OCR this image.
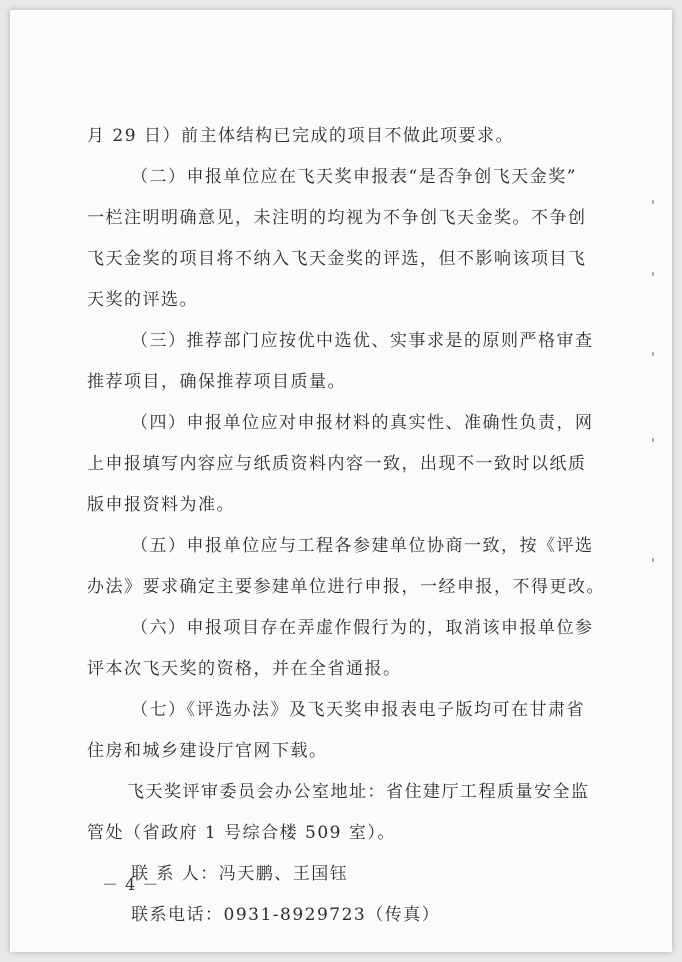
月 29 日）前主体结构已完成的项目不做此项要求。
（二）申报单位应在飞天奖申报表“是否争创飞天金奖”
一栏注明明确意见，未注明的均视为不争创飞天金奖。不争创
飞天金奖的项目将不纳入飞天金奖的评选，但不影响该项目飞
天奖的评选。
（三）推荐部门应按优中选优、实事求是的原则严格审查
推荐项目，确保推荐项目质量。
（四）申报单位应对申报材料的真实性、准确性负责，网
上申报填写内容应与纸质资料内容一致，出现不一致时以纸质
版申报资料为准。
（五）申报单位应与工程各参建单位协商一致，按《评选
办法》要求确定主要参建单位进行申报，一经申报，不得更改。
（六）申报项目存在弄虚作假行为的，取消该申报单位参
评本次飞天奖的资格，并在全省通报。
（七）《评选办法》及飞天奖申报表电子版均可在甘肃省
住房和城乡建设厅官网下载。
飞天奖评审委员会办公室地址：省住建厅工程质量安全监
管处（省政府 1 号综合楼 509 室）。
联 系 人：冯天鹏、王国钰
联系电话：0931-8929723（传真）
－ 4 －
